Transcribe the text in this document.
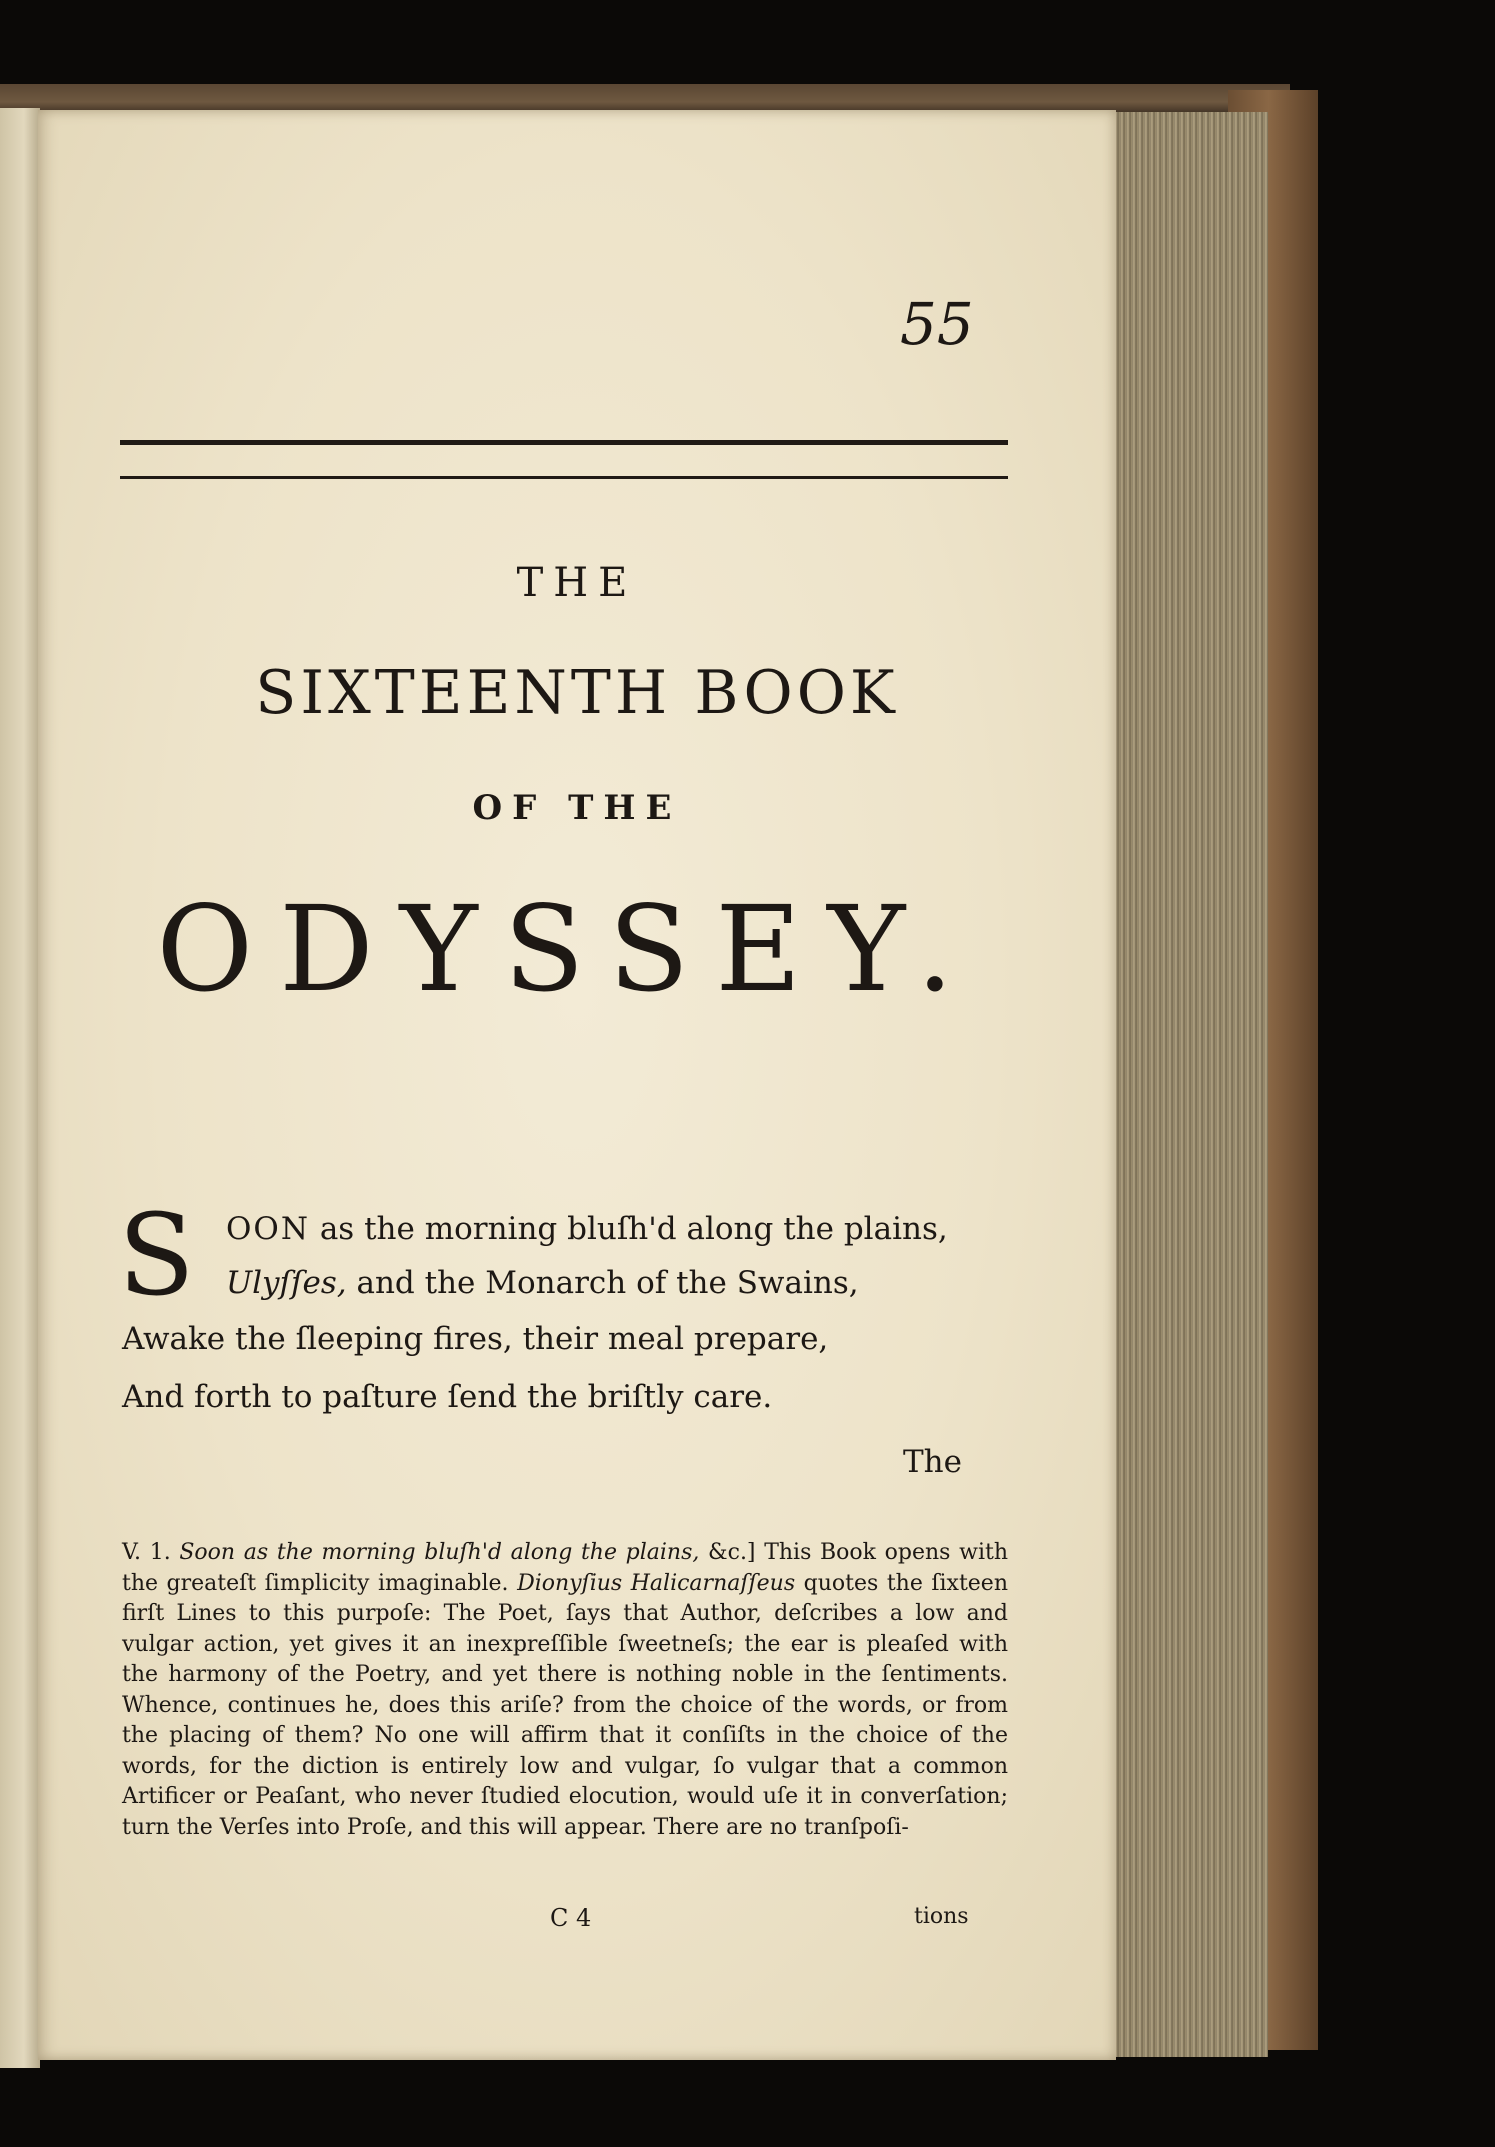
55
THE
SIXTEENTH BOOK
OF THE
ODYSSEY.
S OON as the morning bluſh'd along the plains,
Ulyſſes, and the Monarch of the Swains,
Awake the ſleeping fires, their meal prepare,
And forth to paſture ſend the briſtly care.
The
V. 1. Soon as the morning bluſh'd along the plains, &c.] This Book opens with the greateſt ſimplicity imaginable. Dionyſius Halicarnaſſeus quotes the ſixteen firſt Lines to this purpoſe: The Poet, ſays that Author, deſcribes a low and vulgar action, yet gives it an inexpreſſible ſweetneſs; the ear is pleaſed with the harmony of the Poetry, and yet there is nothing noble in the ſentiments. Whence, continues he, does this ariſe? from the choice of the words, or from the placing of them? No one will affirm that it conſiſts in the choice of the words, for the diction is entirely low and vulgar, ſo vulgar that a common Artificer or Peaſant, who never ſtudied elocution, would uſe it in converſation; turn the Verſes into Proſe, and this will appear. There are no tranſpoſi-
C 4	tions
